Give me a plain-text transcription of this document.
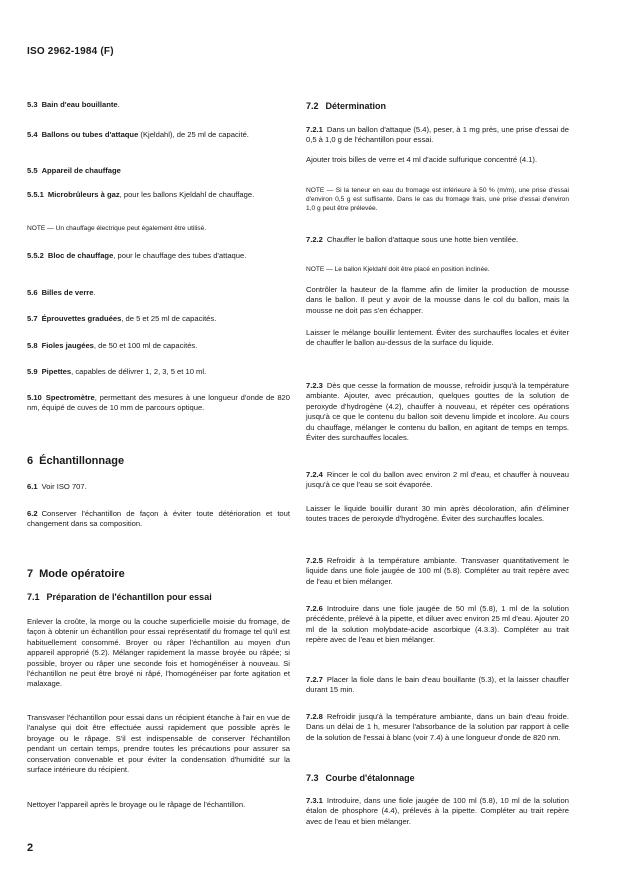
ISO 2962-1984 (F)
5.3 Bain d'eau bouillante.
5.4 Ballons ou tubes d'attaque (Kjeldahl), de 25 ml de capacité.
5.5 Appareil de chauffage
5.5.1 Microbrûleurs à gaz, pour les ballons Kjeldahl de chauffage.
NOTE — Un chauffage électrique peut également être utilisé.
5.5.2 Bloc de chauffage, pour le chauffage des tubes d'attaque.
5.6 Billes de verre.
5.7 Éprouvettes graduées, de 5 et 25 ml de capacités.
5.8 Fioles jaugées, de 50 et 100 ml de capacités.
5.9 Pipettes, capables de délivrer 1, 2, 3, 5 et 10 ml.
5.10 Spectromètre, permettant des mesures à une longueur d'onde de 820 nm, équipé de cuves de 10 mm de parcours optique.
6 Échantillonnage
6.1 Voir ISO 707.
6.2 Conserver l'échantillon de façon à éviter toute détérioration et tout changement dans sa composition.
7 Mode opératoire
7.1 Préparation de l'échantillon pour essai
Enlever la croûte, la morge ou la couche superficielle moisie du fromage, de façon à obtenir un échantillon pour essai représentatif du fromage tel qu'il est habituellement consommé. Broyer ou râper l'échantillon au moyen d'un appareil approprié (5.2). Mélanger rapidement la masse broyée ou râpée; si possible, broyer ou râper une seconde fois et homogénéiser à nouveau. Si l'échantillon ne peut être broyé ni râpé, l'homogénéiser par forte agitation et malaxage.
Transvaser l'échantillon pour essai dans un récipient étanche à l'air en vue de l'analyse qui doit être effectuée aussi rapidement que possible après le broyage ou le râpage. S'il est indispensable de conserver l'échantillon pendant un certain temps, prendre toutes les précautions pour assurer sa conservation convenable et pour éviter la condensation d'humidité sur la surface intérieure du récipient.
Nettoyer l'appareil après le broyage ou le râpage de l'échantillon.
7.2 Détermination
7.2.1 Dans un ballon d'attaque (5.4), peser, à 1 mg près, une prise d'essai de 0,5 à 1,0 g de l'échantillon pour essai.
Ajouter trois billes de verre et 4 ml d'acide sulfurique concentré (4.1).
NOTE — Si la teneur en eau du fromage est inférieure à 50 % (m/m), une prise d'essai d'environ 0,5 g est suffisante. Dans le cas du fromage frais, une prise d'essai d'environ 1,0 g peut être prélevée.
7.2.2 Chauffer le ballon d'attaque sous une hotte bien ventilée.
NOTE — Le ballon Kjeldahl doit être placé en position inclinée.
Contrôler la hauteur de la flamme afin de limiter la production de mousse dans le ballon. Il peut y avoir de la mousse dans le col du ballon, mais la mousse ne doit pas s'en échapper.
Laisser le mélange bouillir lentement. Éviter des surchauffes locales et éviter de chauffer le ballon au-dessus de la surface du liquide.
7.2.3 Dès que cesse la formation de mousse, refroidir jusqu'à la température ambiante. Ajouter, avec précaution, quelques gouttes de la solution de peroxyde d'hydrogène (4.2), chauffer à nouveau, et répéter ces opérations jusqu'à ce que le contenu du ballon soit devenu limpide et incolore. Au cours du chauffage, mélanger le contenu du ballon, en agitant de temps en temps. Éviter des surchauffes locales.
7.2.4 Rincer le col du ballon avec environ 2 ml d'eau, et chauffer à nouveau jusqu'à ce que l'eau se soit évaporée.
Laisser le liquide bouillir durant 30 min après décoloration, afin d'éliminer toutes traces de peroxyde d'hydrogène. Éviter des surchauffes locales.
7.2.5 Refroidir à la température ambiante. Transvaser quantitativement le liquide dans une fiole jaugée de 100 ml (5.8). Compléter au trait repère avec de l'eau et bien mélanger.
7.2.6 Introduire dans une fiole jaugée de 50 ml (5.8), 1 ml de la solution précédente, prélevé à la pipette, et diluer avec environ 25 ml d'eau. Ajouter 20 ml de la solution molybdate-acide ascorbique (4.3.3). Compléter au trait repère avec de l'eau et bien mélanger.
7.2.7 Placer la fiole dans le bain d'eau bouillante (5.3), et la laisser chauffer durant 15 min.
7.2.8 Refroidir jusqu'à la température ambiante, dans un bain d'eau froide. Dans un délai de 1 h, mesurer l'absorbance de la solution par rapport à celle de la solution de l'essai à blanc (voir 7.4) à une longueur d'onde de 820 nm.
7.3 Courbe d'étalonnage
7.3.1 Introduire, dans une fiole jaugée de 100 ml (5.8), 10 ml de la solution étalon de phosphore (4.4), prélevés à la pipette. Compléter au trait repère avec de l'eau et bien mélanger.
2
